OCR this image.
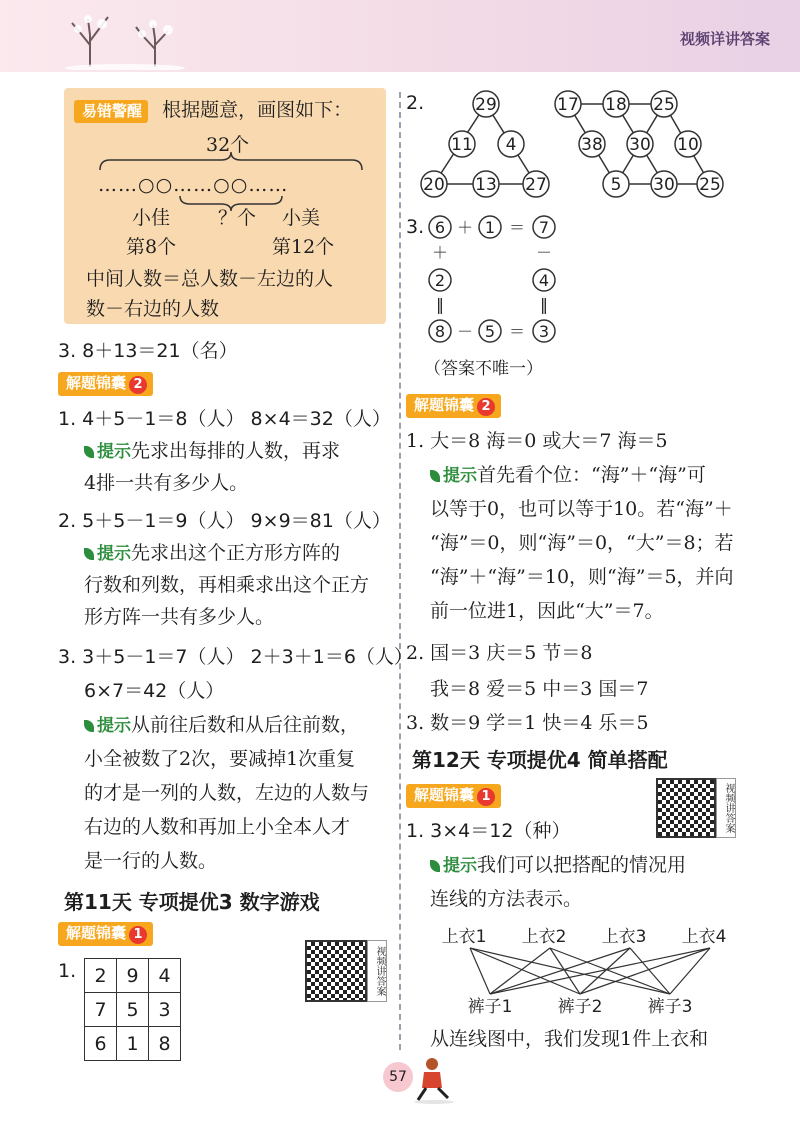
视频详讲答案
易错警醒 根据题意，画图如下：
32个
……○○……○○……
小佳	？个 小美
第8个	第12个
中间人数＝总人数－左边的人
数－右边的人数
3. 8＋13＝21（名）
解题锦囊 2
1. 4＋5－1＝8（人） 8×4＝32（人）
提示先求出每排的人数，再求
4排一共有多少人。
2. 5＋5－1＝9（人） 9×9＝81（人）
提示先求出这个正方形方阵的
行数和列数，再相乘求出这个正方
形方阵一共有多少人。
3. 3＋5－1＝7（人） 2＋3＋1＝6（人）
6×7＝42（人）
提示从前往后数和从后往前数，
小全被数了2次，要减掉1次重复
的才是一列的人数，左边的人数与
右边的人数和再加上小全本人才
是一行的人数。
第11天 专项提优3 数字游戏
解题锦囊 1
1. 2	9	4
7	5	3
6	1	8
视频讲答案
2.	29
11 4
20 13 27
17 18 25
38 30 10
5 30 25
3. 6 ＋ 1 ＝ 7
＋	－
2	4
‖	‖
8 － 5 ＝ 3
（答案不唯一）
解题锦囊 2
1. 大＝8 海＝0 或大＝7 海＝5
提示首先看个位：“海”＋“海”可
以等于0，也可以等于10。若“海”＋
“海”＝0，则“海”＝0，“大”＝8；若
“海”＋“海”＝10，则“海”＝5，并向
前一位进1，因此“大”＝7。
2. 国＝3 庆＝5 节＝8
我＝8 爱＝5 中＝3 国＝7
3. 数＝9 学＝1 快＝4 乐＝5
第12天 专项提优4 简单搭配
解题锦囊 1	视频讲答案
1. 3×4＝12（种）
提示我们可以把搭配的情况用
连线的方法表示。
上衣1 上衣2 上衣3 上衣4
裤子1	裤子2	裤子3
从连线图中，我们发现1件上衣和
57
